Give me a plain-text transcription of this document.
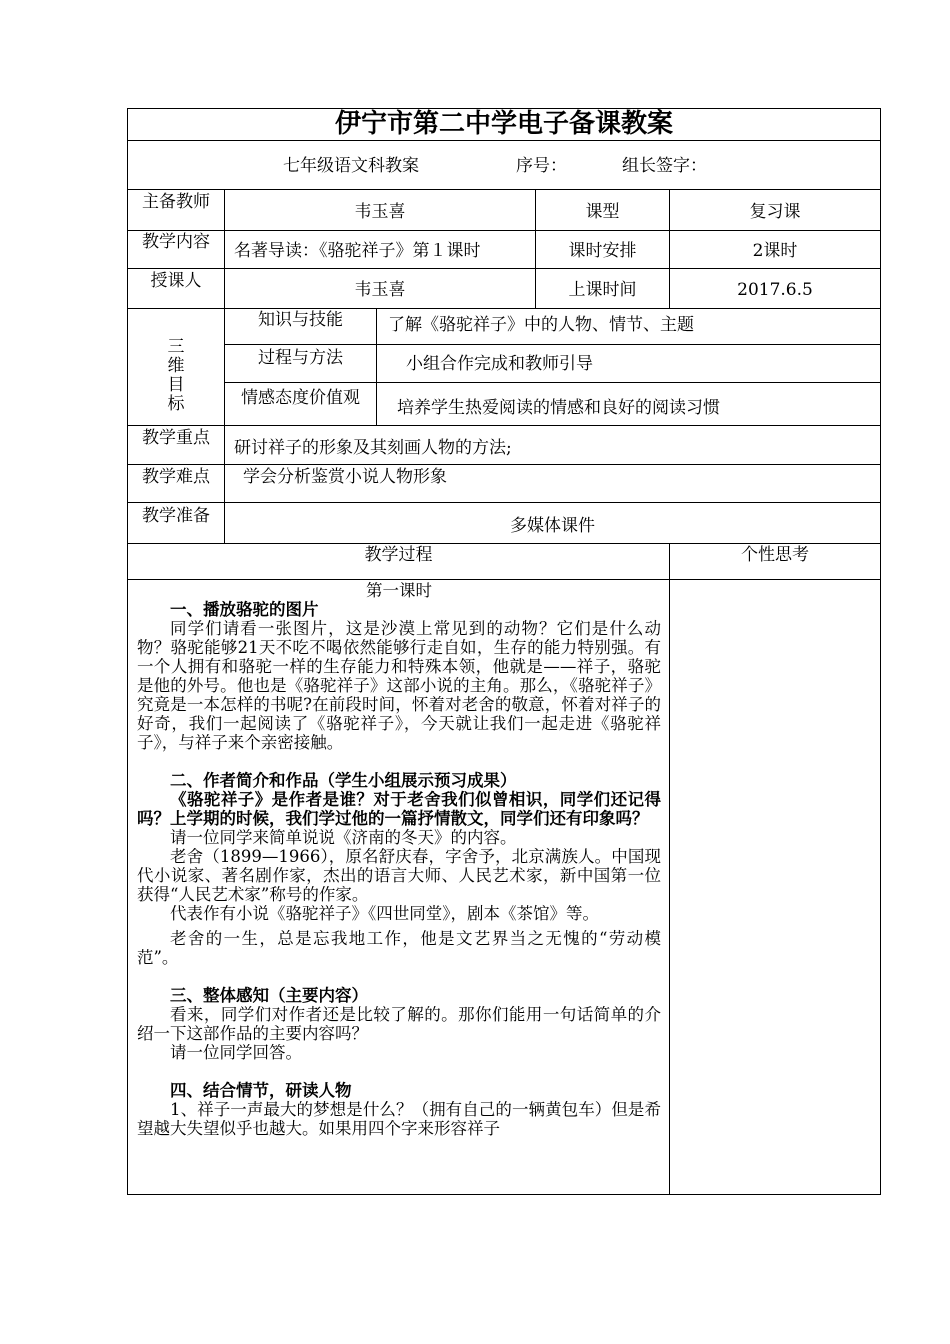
伊宁市第二中学电子备课教案
七年级语文科教案	序号：	组长签字：
主备教师	韦玉喜	课型	复习课
教学内容	名著导读：《骆驼祥子》第１课时	课时安排	2课时
授课人	韦玉喜	上课时间	2017.6.5
三
维
目
标
知识与技能	了解《骆驼祥子》中的人物、情节、主题
过程与方法	小组合作完成和教师引导
情感态度价值观	培养学生热爱阅读的情感和良好的阅读习惯
教学重点	研讨祥子的形象及其刻画人物的方法;
教学难点	学会分析鉴赏小说人物形象
教学准备	多媒体课件
教学过程	个性思考

第一课时

一、播放骆驼的图片

同学们请看一张图片，这是沙漠上常见到的动物？它们是什么动物？骆驼能够21天不吃不喝依然能够行走自如，生存的能力特别强。有一个人拥有和骆驼一样的生存能力和特殊本领，他就是——祥子，骆驼是他的外号。他也是《骆驼祥子》这部小说的主角。那么，《骆驼祥子》究竟是一本怎样的书呢?在前段时间，怀着对老舍的敬意，怀着对祥子的好奇，我们一起阅读了《骆驼祥子》，今天就让我们一起走进《骆驼祥子》，与祥子来个亲密接触。

二、作者简介和作品（学生小组展示预习成果）

《骆驼祥子》是作者是谁？对于老舍我们似曾相识，同学们还记得吗？上学期的时候，我们学过他的一篇抒情散文，同学们还有印象吗？

请一位同学来简单说说《济南的冬天》的内容。

老舍（1899—1966），原名舒庆春，字舍予，北京满族人。中国现代小说家、著名剧作家，杰出的语言大师、人民艺术家，新中国第一位获得“人民艺术家”称号的作家。

代表作有小说《骆驼祥子》《四世同堂》，剧本《茶馆》等。

老舍的一生，总是忘我地工作，他是文艺界当之无愧的“劳动模范”。

三、整体感知（主要内容）

看来，同学们对作者还是比较了解的。那你们能用一句话简单的介绍一下这部作品的主要内容吗？

请一位同学回答。

四、结合情节，研读人物

1、祥子一声最大的梦想是什么？（拥有自己的一辆黄包车）但是希望越大失望似乎也越大。如果用四个字来形容祥子
